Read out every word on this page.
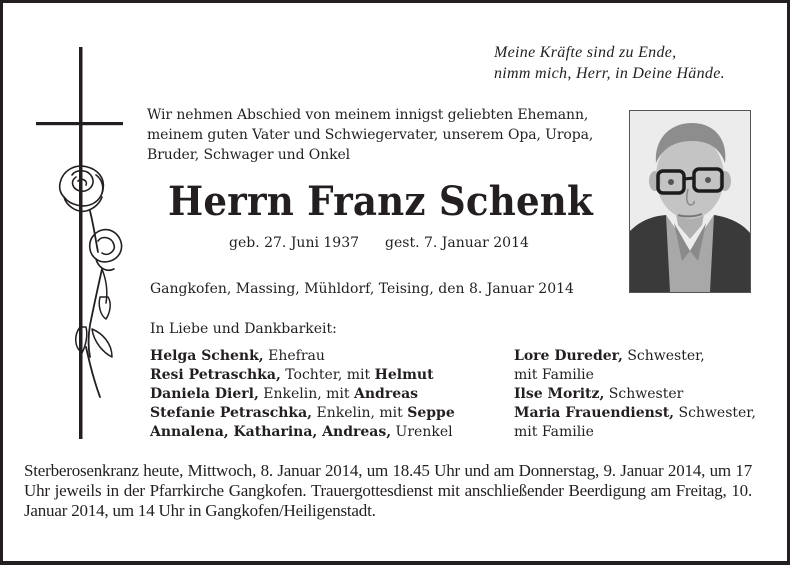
Meine Kräfte sind zu Ende,
nimm mich, Herr, in Deine Hände.
Wir nehmen Abschied von meinem innigst geliebten Ehemann,
meinem guten Vater und Schwiegervater, unserem Opa, Uropa,
Bruder, Schwager und Onkel
Herrn Franz Schenk
geb. 27. Juni 1937 gest. 7. Januar 2014
Gangkofen, Massing, Mühldorf, Teising, den 8. Januar 2014
In Liebe und Dankbarkeit:
Helga Schenk, Ehefrau
Resi Petraschka, Tochter, mit Helmut
Daniela Dierl, Enkelin, mit Andreas
Stefanie Petraschka, Enkelin, mit Seppe
Annalena, Katharina, Andreas, Urenkel
Lore Dureder, Schwester,
mit Familie
Ilse Moritz, Schwester
Maria Frauendienst, Schwester,
mit Familie
Sterberosenkranz heute, Mittwoch, 8. Januar 2014, um 18.45 Uhr und am Donnerstag, 9. Januar 2014, um 17 Uhr jeweils in der Pfarrkirche Gangkofen. Trauergottesdienst mit anschließender Beerdigung am Freitag, 10. Januar 2014, um 14 Uhr in Gangkofen/Heiligenstadt.
